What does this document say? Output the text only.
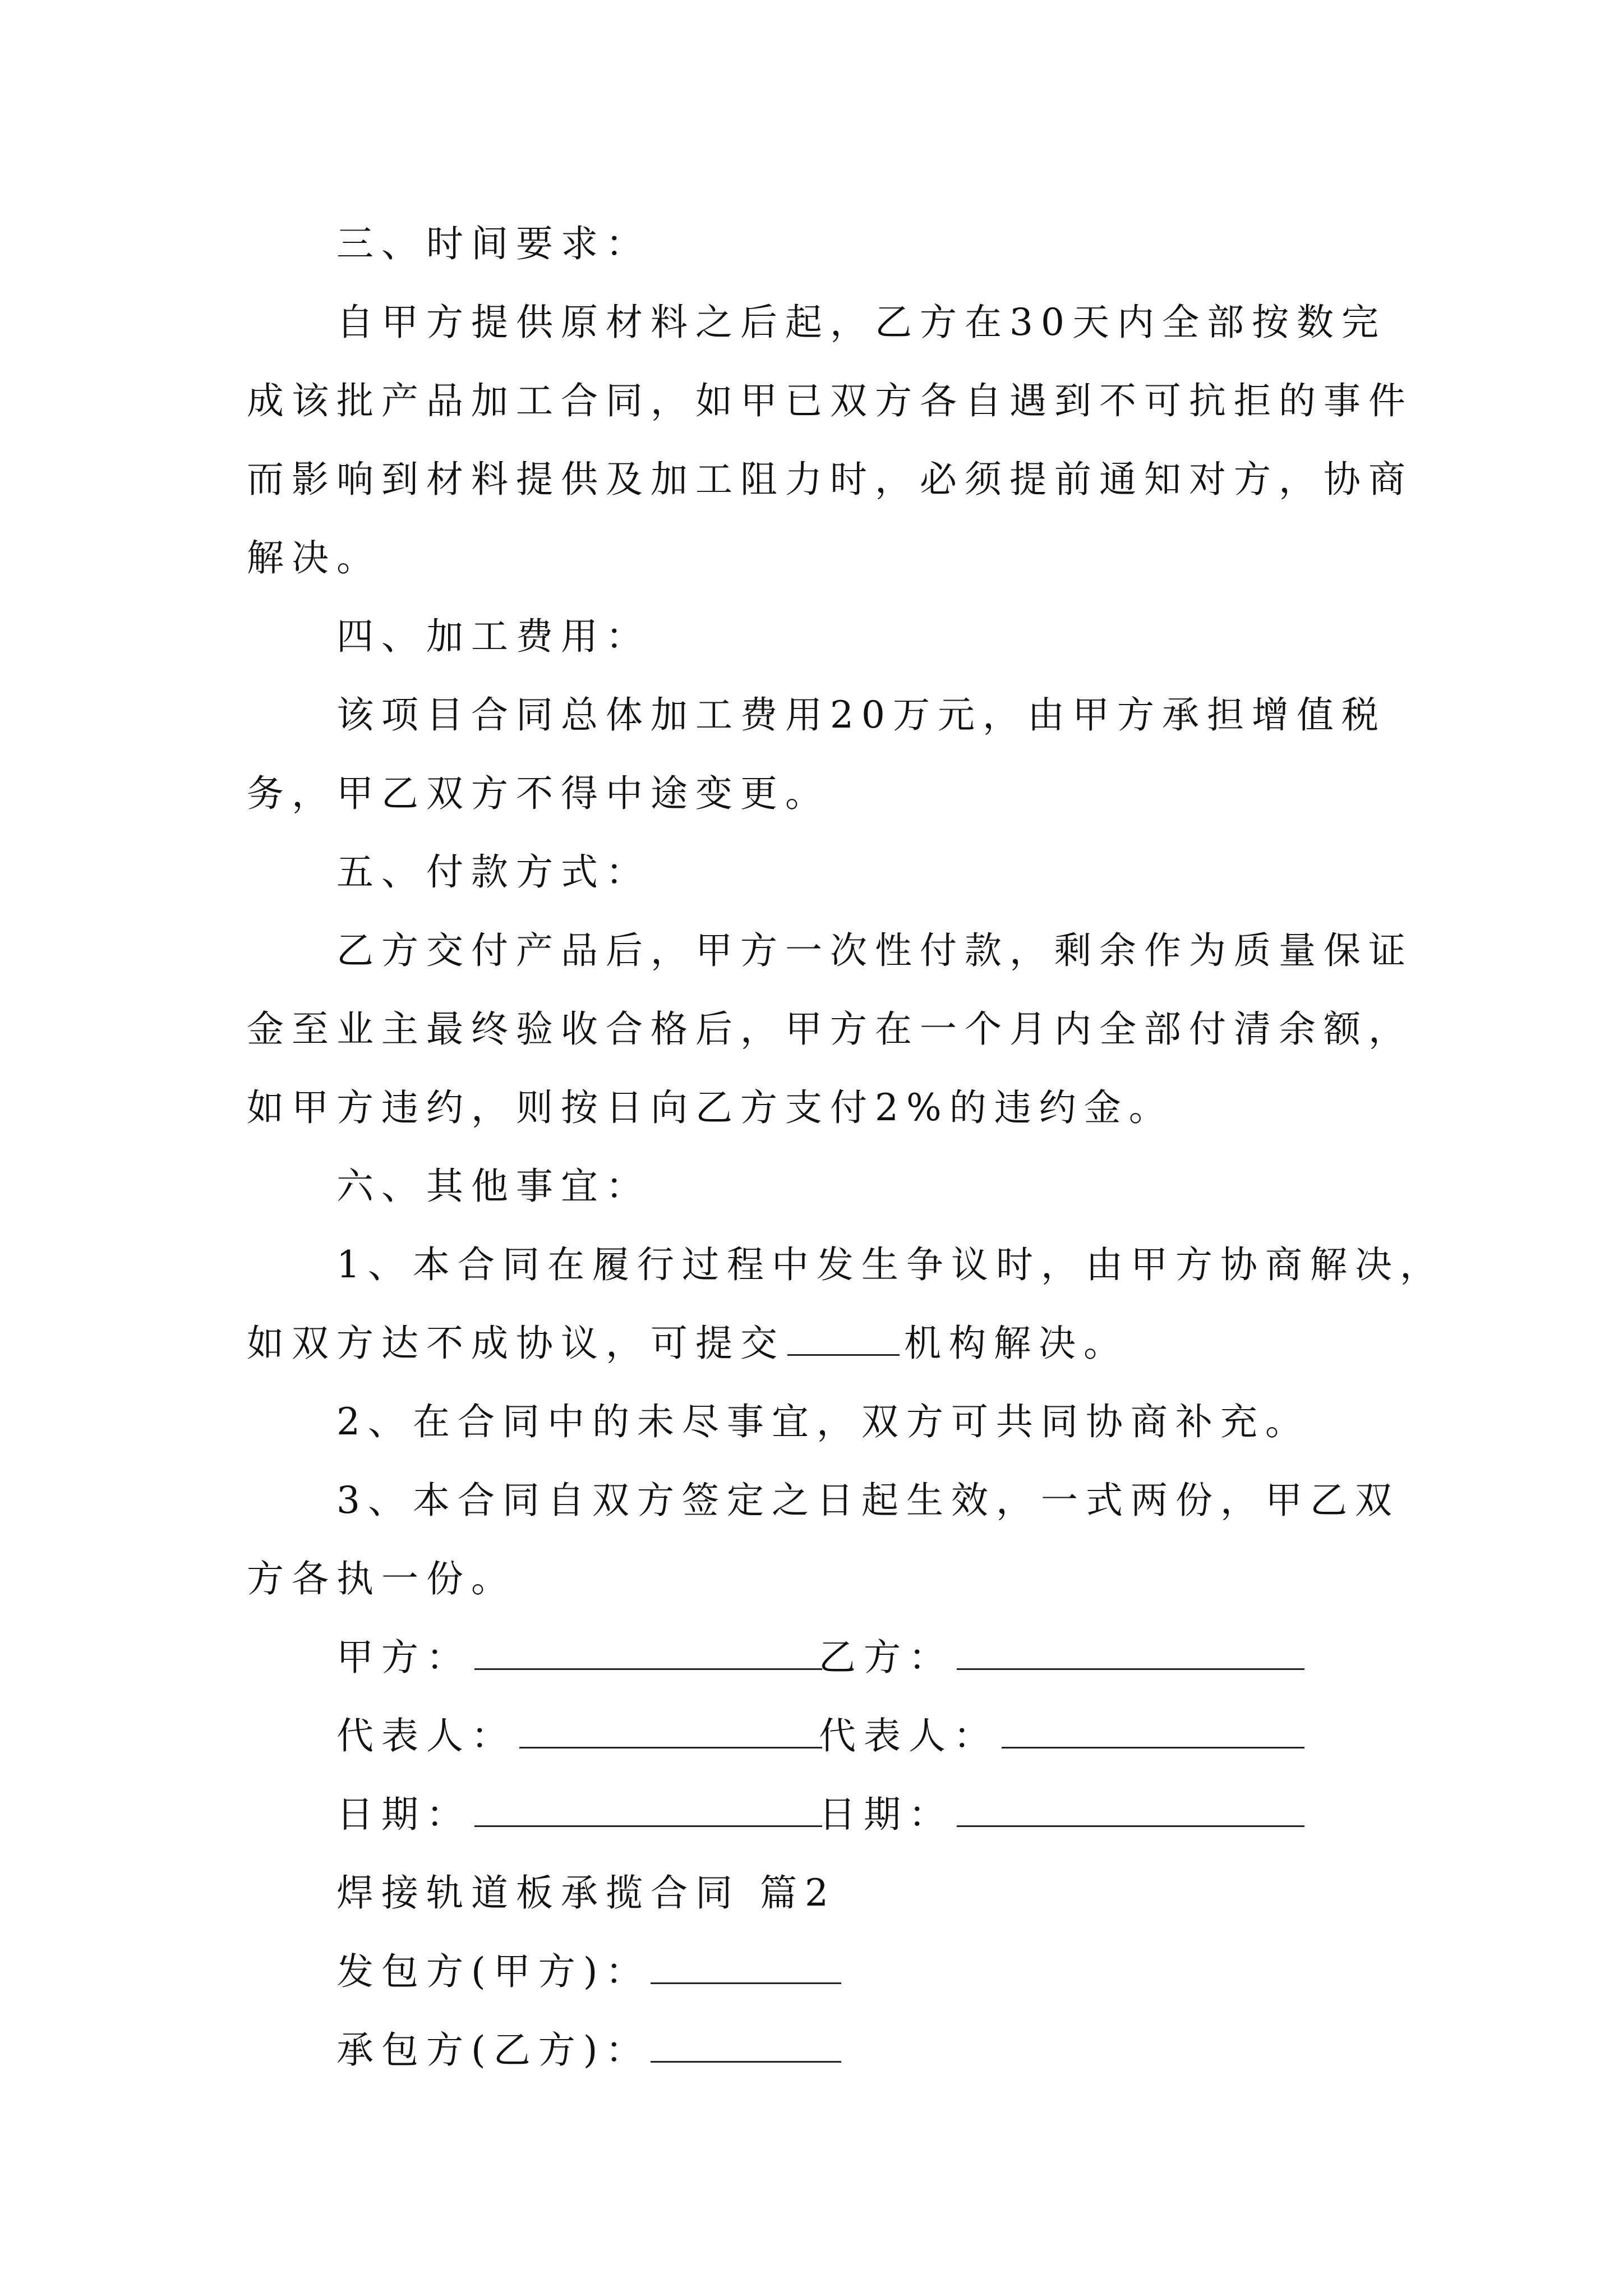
三、时间要求：
自甲方提供原材料之后起，乙方在30天内全部按数完
成该批产品加工合同，如甲已双方各自遇到不可抗拒的事件
而影响到材料提供及加工阻力时，必须提前通知对方，协商
解决。
四、加工费用：
该项目合同总体加工费用20万元，由甲方承担增值税
务，甲乙双方不得中途变更。
五、付款方式：
乙方交付产品后，甲方一次性付款，剩余作为质量保证
金至业主最终验收合格后，甲方在一个月内全部付清余额，
如甲方违约，则按日向乙方支付2%的违约金。
六、其他事宜：
1、本合同在履行过程中发生争议时，由甲方协商解决，
如双方达不成协议，可提交	机构解决。
2、在合同中的未尽事宜，双方可共同协商补充。
3、本合同自双方签定之日起生效，一式两份，甲乙双
方各执一份。
甲方：	乙方：
代表人：	代表人：
日期：	日期：
焊接轨道板承揽合同 篇2
发包方(甲方)：
承包方(乙方)：
